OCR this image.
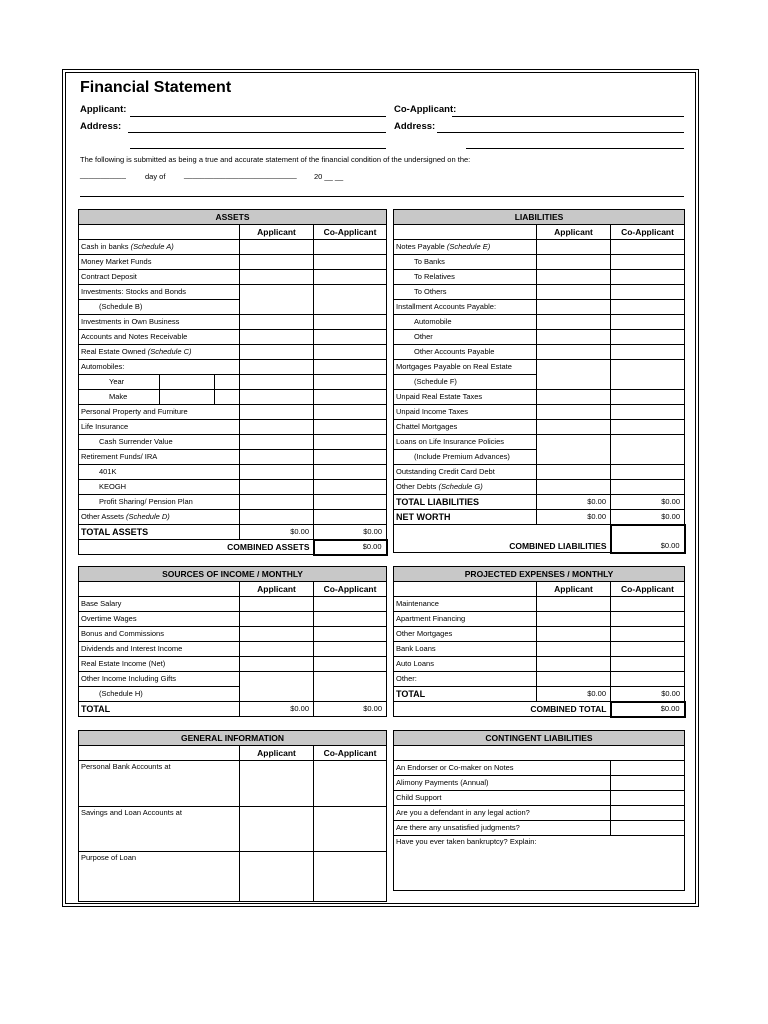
Financial Statement
Applicant:	Co-Applicant:
Address:	Address:
The following is submitted as being a true and accurate statement of the financial condition of the undersigned on the:
___________	day of ___________________________ 20 __ __
ASSETS
	Applicant	Co-Applicant
Cash in banks (Schedule A)		
Money Market Funds		
Contract Deposit		
Investments: Stocks and Bonds		
(Schedule B)
Investments in Own Business		
Accounts and Notes Receivable		
Real Estate Owned (Schedule C)		
Automobiles:		

Year		

Make		

Personal Property and Furniture		
Life Insurance		
Cash Surrender Value		
Retirement Funds/ IRA		
401K		
KEOGH		
Profit Sharing/ Pension Plan		
Other Assets (Schedule D)		
TOTAL ASSETS	$0.00	$0.00
COMBINED ASSETS	$0.00
LIABILITIES		
	Applicant	Co-Applicant
Notes Payable (Schedule E)		
To Banks		
To Relatives		
To Others		
Installment Accounts Payable:		
Automobile		
Other		
Other Accounts Payable		
Mortgages Payable on Real Estate		
(Schedule F)		
Unpaid Real Estate Taxes		
Unpaid Income Taxes		
Chattel Mortgages		
Loans on Life Insurance Policies		
(Include Premium Advances)		
Outstanding Credit Card Debt		
Other Debts (Schedule G)		
TOTAL LIABILITIES	$0.00	$0.00
NET WORTH	$0.00	$0.00
COMBINED LIABILITIES		$0.00
SOURCES OF INCOME / MONTHLY		
	Applicant	Co-Applicant
Base Salary		
Overtime Wages		
Bonus and Commissions		
Dividends and Interest Income		
Real Estate Income (Net)		
Other Income Including Gifts		
(Schedule H)		
TOTAL	$0.00	$0.00
PROJECTED EXPENSES / MONTHLY		
	Applicant	Co-Applicant
Maintenance		
Apartment Financing		
Other Mortgages		
Bank Loans		
Auto Loans		
Other:		
TOTAL	$0.00	$0.00
COMBINED TOTAL		$0.00
GENERAL INFORMATION		
	Applicant	Co-Applicant
Personal Bank Accounts at		
Savings and Loan Accounts at		
Purpose of Loan		
CONTINGENT LIABILITIES	

An Endorser or Co-maker on Notes	
Alimony Payments (Annual)	
Child Support	
Are you a defendant in any legal action?	
Are there any unsatisfied judgments?	
Have you ever taken bankruptcy? Explain:	
